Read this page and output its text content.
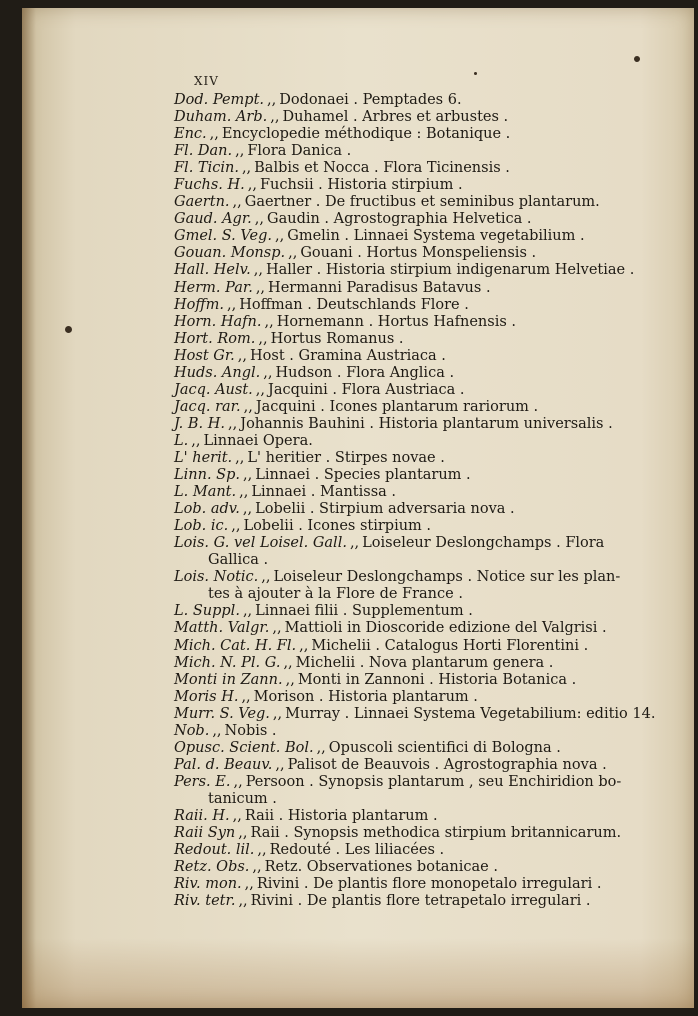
XIV
Dod. Pempt. ,, Dodonaei . Pemptades 6.
Duham. Arb. ,, Duhamel . Arbres et arbustes .
Enc. ,, Encyclopedie méthodique : Botanique .
Fl. Dan. ,, Flora Danica .
Fl. Ticin. ,, Balbis et Nocca . Flora Ticinensis .
Fuchs. H. ,, Fuchsii . Historia stirpium .
Gaertn. ,, Gaertner . De fructibus et seminibus plantarum.
Gaud. Agr. ,, Gaudin . Agrostographia Helvetica .
Gmel. S. Veg. ,, Gmelin . Linnaei Systema vegetabilium .
Gouan. Monsp. ,, Gouani . Hortus Monspeliensis .
Hall. Helv. ,, Haller . Historia stirpium indigenarum Helvetiae .
Herm. Par. ,, Hermanni Paradisus Batavus .
Hoffm. ,, Hoffman . Deutschlands Flore .
Horn. Hafn. ,, Hornemann . Hortus Hafnensis .
Hort. Rom. ,, Hortus Romanus .
Host Gr. ,, Host . Gramina Austriaca .
Huds. Angl. ,, Hudson . Flora Anglica .
Jacq. Aust. ,, Jacquini . Flora Austriaca .
Jacq. rar. ,, Jacquini . Icones plantarum rariorum .
J. B. H. ,, Johannis Bauhini . Historia plantarum universalis .
L. ,, Linnaei Opera.
L' herit. ,, L' heritier . Stirpes novae .
Linn. Sp. ,, Linnaei . Species plantarum .
L. Mant. ,, Linnaei . Mantissa .
Lob. adv. ,, Lobelii . Stirpium adversaria nova .
Lob. ic. ,, Lobelii . Icones stirpium .
Lois. G. vel Loisel. Gall. ,, Loiseleur Deslongchamps . Flora
Gallica .
Lois. Notic. ,, Loiseleur Deslongchamps . Notice sur les plan-
tes à ajouter à la Flore de France .
L. Suppl. ,, Linnaei filii . Supplementum .
Matth. Valgr. ,, Mattioli in Dioscoride edizione del Valgrisi .
Mich. Cat. H. Fl. ,, Michelii . Catalogus Horti Florentini .
Mich. N. Pl. G. ,, Michelii . Nova plantarum genera .
Monti in Zann. ,, Monti in Zannoni . Historia Botanica .
Moris H. ,, Morison . Historia plantarum .
Murr. S. Veg. ,, Murray . Linnaei Systema Vegetabilium: editio 14.
Nob. ,, Nobis .
Opusc. Scient. Bol. ,, Opuscoli scientifici di Bologna .
Pal. d. Beauv. ,, Palisot de Beauvois . Agrostographia nova .
Pers. E. ,, Persoon . Synopsis plantarum , seu Enchiridion bo-
tanicum .
Raii. H. ,, Raii . Historia plantarum .
Raii Syn ,, Raii . Synopsis methodica stirpium britannicarum.
Redout. lil. ,, Redouté . Les liliacées .
Retz. Obs. ,, Retz. Observationes botanicae .
Riv. mon. ,, Rivini . De plantis flore monopetalo irregulari .
Riv. tetr. ,, Rivini . De plantis flore tetrapetalo irregulari .
